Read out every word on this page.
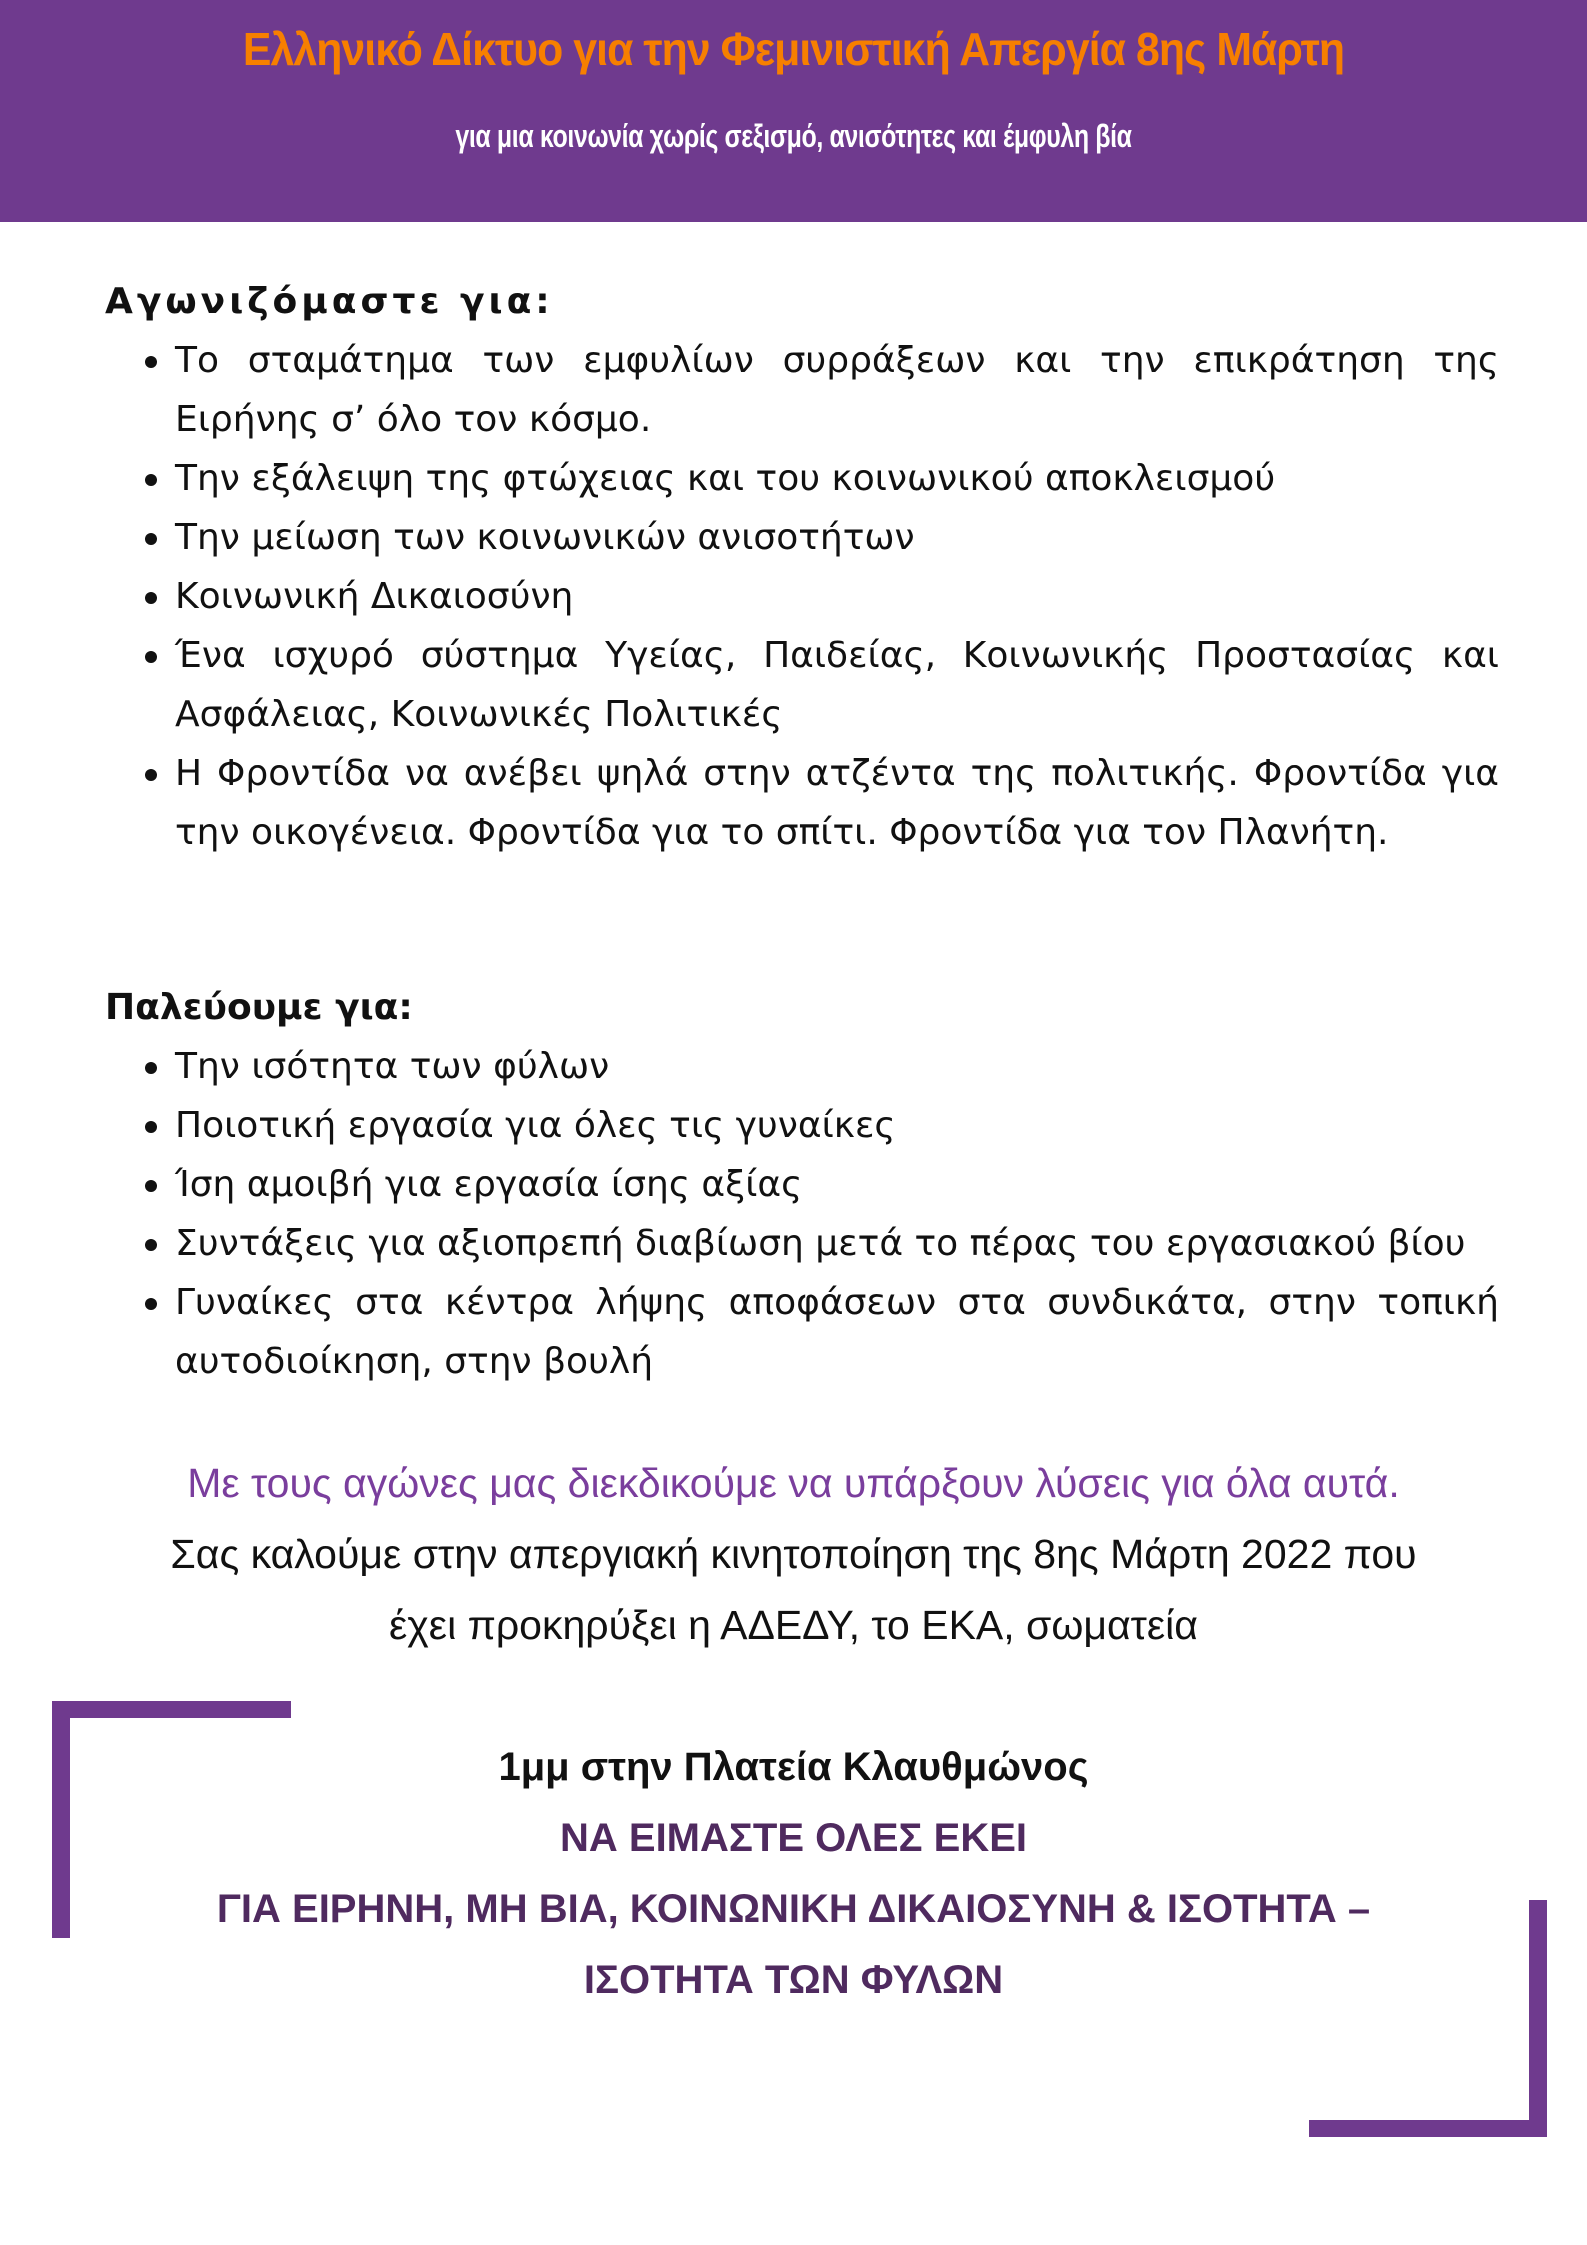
Ελληνικό Δίκτυο για την Φεμινιστική Απεργία 8ης Μάρτη
για μια κοινωνία χωρίς σεξισμό, ανισότητες και έμφυλη βία
Αγωνιζόμαστε για:
Το σταμάτημα των εμφυλίων συρράξεων και την επικράτηση της Ειρήνης σ’ όλο τον κόσμο.
Την εξάλειψη της φτώχειας και του κοινωνικού αποκλεισμού
Την μείωση των κοινωνικών ανισοτήτων
Κοινωνική Δικαιοσύνη
Ένα ισχυρό σύστημα Υγείας, Παιδείας, Κοινωνικής Προστασίας και Ασφάλειας, Κοινωνικές Πολιτικές
Η Φροντίδα να ανέβει ψηλά στην ατζέντα της πολιτικής. Φροντίδα για την οικογένεια. Φροντίδα για το σπίτι. Φροντίδα για τον Πλανήτη.
Παλεύουμε για:
Την ισότητα των φύλων
Ποιοτική εργασία για όλες τις γυναίκες
Ίση αμοιβή για εργασία ίσης αξίας
Συντάξεις για αξιοπρεπή διαβίωση μετά το πέρας του εργασιακού βίου
Γυναίκες στα κέντρα λήψης αποφάσεων στα συνδικάτα, στην τοπική αυτοδιοίκηση, στην βουλή
Με τους αγώνες μας διεκδικούμε να υπάρξουν λύσεις για όλα αυτά.
Σας καλούμε στην απεργιακή κινητοποίηση της 8ης Μάρτη 2022 που
έχει προκηρύξει η ΑΔΕΔΥ, το ΕΚΑ, σωματεία
1μμ στην Πλατεία Κλαυθμώνος
ΝΑ ΕΙΜΑΣΤΕ ΟΛΕΣ ΕΚΕΙ
ΓΙΑ ΕΙΡΗΝΗ, ΜΗ ΒΙΑ, ΚΟΙΝΩΝΙΚΗ ΔΙΚΑΙΟΣΥΝΗ & ΙΣΟΤΗΤΑ –
ΙΣΟΤΗΤΑ ΤΩΝ ΦΥΛΩΝ
